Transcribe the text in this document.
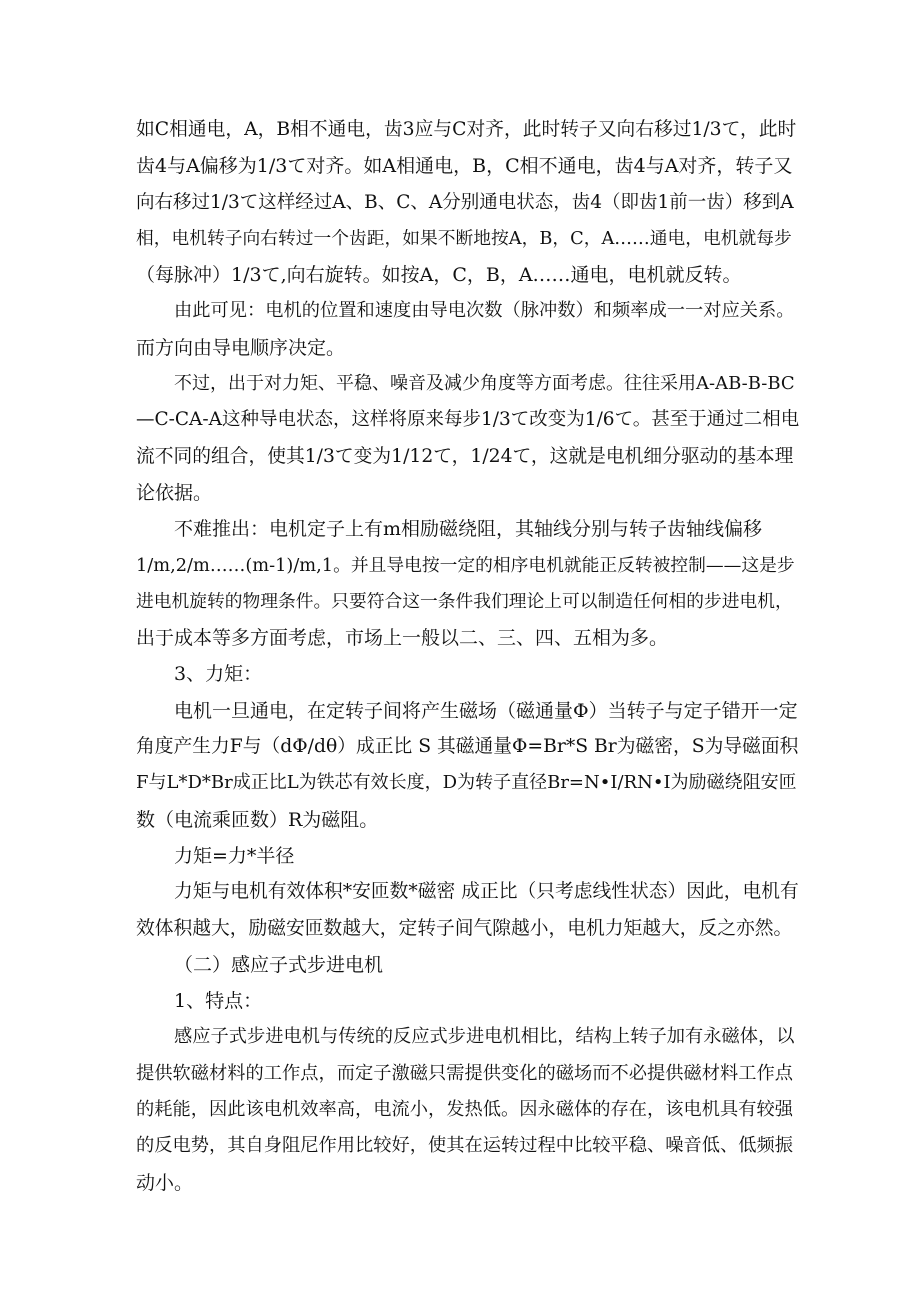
如C相通电，A，B相不通电，齿3应与C对齐，此时转子又向右移过1/3て，此时
齿4与A偏移为1/3て对齐。如A相通电，B，C相不通电，齿4与A对齐，转子又
向右移过1/3て这样经过A、B、C、A分别通电状态，齿4（即齿1前一齿）移到A
相，电机转子向右转过一个齿距，如果不断地按A，B，C，A……通电，电机就每步
（每脉冲）1/3て,向右旋转。如按A，C，B，A……通电，电机就反转。
由此可见：电机的位置和速度由导电次数（脉冲数）和频率成一一对应关系。
而方向由导电顺序决定。
不过，出于对力矩、平稳、噪音及减少角度等方面考虑。往往采用A-AB-B-BC
—C-CA-A这种导电状态，这样将原来每步1/3て改变为1/6て。甚至于通过二相电
流不同的组合，使其1/3て变为1/12て，1/24て，这就是电机细分驱动的基本理
论依据。
不难推出：电机定子上有m相励磁绕阻，其轴线分别与转子齿轴线偏移
1/m,2/m……(m-1)/m,1。并且导电按一定的相序电机就能正反转被控制——这是步
进电机旋转的物理条件。只要符合这一条件我们理论上可以制造任何相的步进电机，
出于成本等多方面考虑，市场上一般以二、三、四、五相为多。
3、力矩：
电机一旦通电，在定转子间将产生磁场（磁通量Φ）当转子与定子错开一定
角度产生力F与（dΦ/dθ）成正比 S 其磁通量Φ=Br*S Br为磁密，S为导磁面积
F与L*D*Br成正比L为铁芯有效长度，D为转子直径Br=N•I/RN•I为励磁绕阻安匝
数（电流乘匝数）R为磁阻。
力矩=力*半径
力矩与电机有效体积*安匝数*磁密 成正比（只考虑线性状态）因此，电机有
效体积越大，励磁安匝数越大，定转子间气隙越小，电机力矩越大，反之亦然。
（二）感应子式步进电机
1、特点：
感应子式步进电机与传统的反应式步进电机相比，结构上转子加有永磁体，以
提供软磁材料的工作点，而定子激磁只需提供变化的磁场而不必提供磁材料工作点
的耗能，因此该电机效率高，电流小，发热低。因永磁体的存在，该电机具有较强
的反电势，其自身阻尼作用比较好，使其在运转过程中比较平稳、噪音低、低频振
动小。
